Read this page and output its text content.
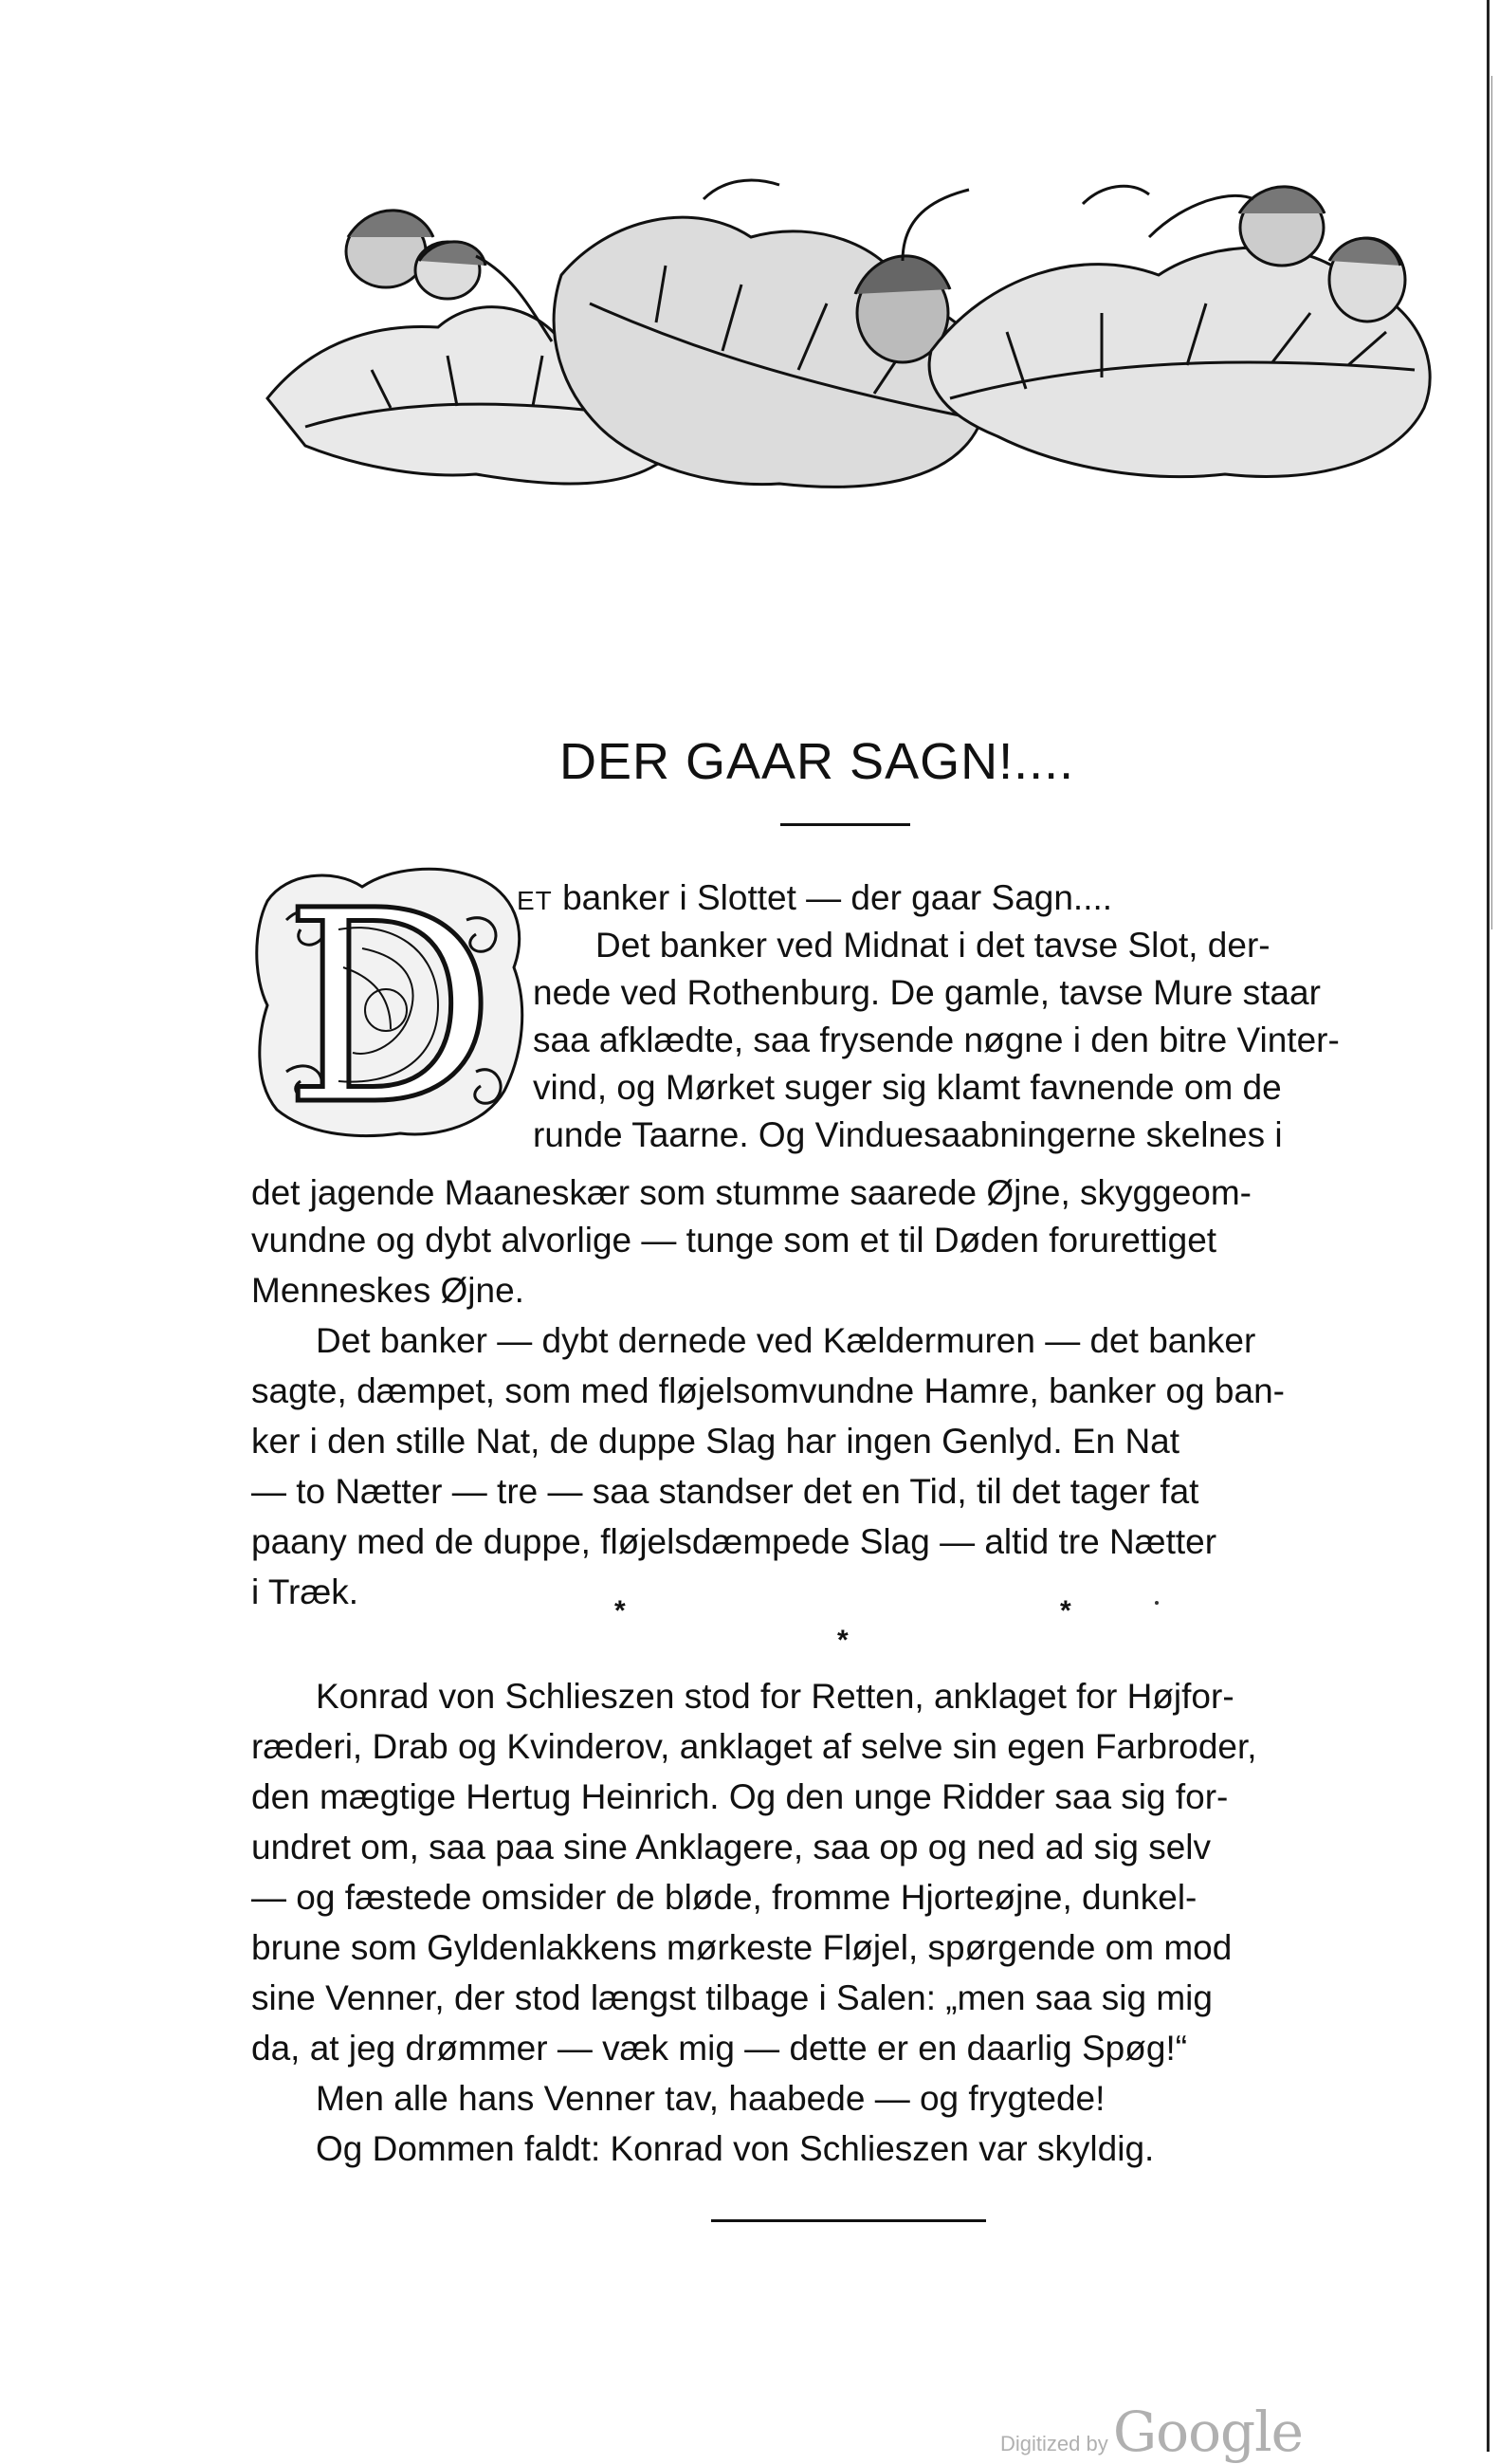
DER GAAR SAGN!....
D ET banker i Slottet — der gaar Sagn....

Det banker ved Midnat i det tavse Slot, der-

nede ved Rothenburg. De gamle, tavse Mure staar

saa afklædte, saa frysende nøgne i den bitre Vinter-

vind, og Mørket suger sig klamt favnende om de

runde Taarne. Og Vinduesaabningerne skelnes i

det jagende Maaneskær som stumme saarede Øjne, skyggeom-

vundne og dybt alvorlige — tunge som et til Døden forurettiget

Menneskes Øjne.

Det banker — dybt dernede ved Kældermuren — det banker

sagte, dæmpet, som med fløjelsomvundne Hamre, banker og ban-

ker i den stille Nat, de duppe Slag har ingen Genlyd. En Nat

— to Nætter — tre — saa standser det en Tid, til det tager fat

paany med de duppe, fløjelsdæmpede Slag — altid tre Nætter

i Træk.	*	*
*

Konrad von Schlieszen stod for Retten, anklaget for Højfor-

ræderi, Drab og Kvinderov, anklaget af selve sin egen Farbroder,

den mægtige Hertug Heinrich. Og den unge Ridder saa sig for-

undret om, saa paa sine Anklagere, saa op og ned ad sig selv

— og fæstede omsider de bløde, fromme Hjorteøjne, dunkel-

brune som Gyldenlakkens mørkeste Fløjel, spørgende om mod

sine Venner, der stod længst tilbage i Salen: „men saa sig mig

da, at jeg drømmer — væk mig — dette er en daarlig Spøg!“

Men alle hans Venner tav, haabede — og frygtede!

Og Dommen faldt: Konrad von Schlieszen var skyldig.

Digitized by Google
